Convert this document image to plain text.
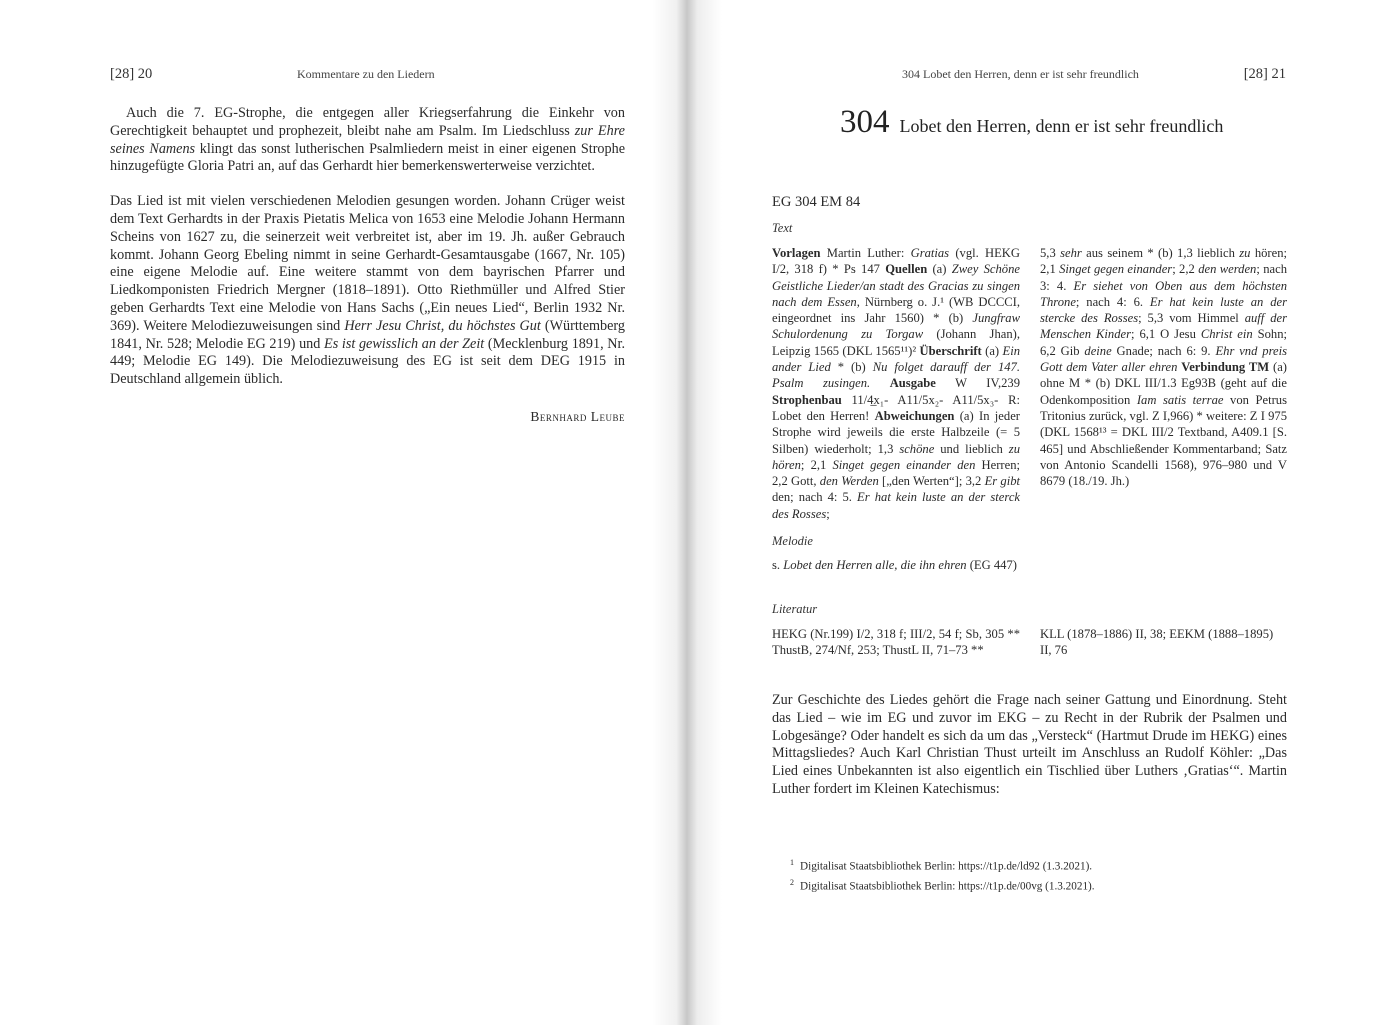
[28] 20	Kommentare zu den Liedern

Auch die 7. EG-Strophe, die entgegen aller Kriegserfahrung die Einkehr von Gerechtigkeit behauptet und prophezeit, bleibt nahe am Psalm. Im Liedschluss zur Ehre seines Namens klingt das sonst lutherischen Psalmliedern meist in einer eigenen Strophe hinzugefügte Gloria Patri an, auf das Gerhardt hier bemerkenswerterweise verzichtet.

Das Lied ist mit vielen verschiedenen Melodien gesungen worden. Johann Crüger weist dem Text Gerhardts in der Praxis Pietatis Melica von 1653 eine Melodie Johann Hermann Scheins von 1627 zu, die seinerzeit weit verbreitet ist, aber im 19. Jh. außer Gebrauch kommt. Johann Georg Ebeling nimmt in seine Gerhardt-Gesamtausgabe (1667, Nr. 105) eine eigene Melodie auf. Eine weitere stammt von dem bayrischen Pfarrer und Liedkomponisten Friedrich Mergner (1818–1891). Otto Riethmüller und Alfred Stier geben Gerhardts Text eine Melodie von Hans Sachs („Ein neues Lied“, Berlin 1932 Nr. 369). Weitere Melodiezuweisungen sind Herr Jesu Christ, du höchstes Gut (Württemberg 1841, Nr. 528; Melodie EG 219) und Es ist gewisslich an der Zeit (Mecklenburg 1891, Nr. 449; Melodie EG 149). Die Melodiezuweisung des EG ist seit dem DEG 1915 in Deutschland allgemein üblich.

Bernhard Leube
304 Lobet den Herren, denn er ist sehr freundlich	[28] 21
304 Lobet den Herren, denn er ist sehr freundlich
EG 304 EM 84
Text
Vorlagen Martin Luther: Gratias (vgl. HEKG I/2, 318 f) * Ps 147 Quellen (a) Zwey Schöne Geistliche Lieder/an stadt des Gracias zu singen nach dem Essen, Nürnberg o. J.¹ (WB DCCCI, eingeordnet ins Jahr 1560) * (b) Jungfraw Schulordenung zu Torgaw (Johann Jhan), Leipzig 1565 (DKL 1565¹¹)² Überschrift (a) Ein ander Lied * (b) Nu folget darauff der 147. Psalm zusingen. Ausgabe W IV,239 Strophenbau 11/4̲x₁- A11/5x₂- A11/5x₃- R: Lobet den Herren! Abweichungen (a) In jeder Strophe wird jeweils die erste Halbzeile (= 5 Silben) wiederholt; 1,3 schöne und lieblich zu hören; 2,1 Singet gegen einander den Herren; 2,2 Gott, den Werden [„den Werten“]; 3,2 Er gibt den; nach 4: 5. Er hat kein luste an der sterck des Rosses;
5,3 sehr aus seinem * (b) 1,3 lieblich zu hören; 2,1 Singet gegen einander; 2,2 den werden; nach 3: 4. Er siehet von Oben aus dem höchsten Throne; nach 4: 6. Er hat kein luste an der stercke des Rosses; 5,3 vom Himmel auff der Menschen Kinder; 6,1 O Jesu Christ ein Sohn; 6,2 Gib deine Gnade; nach 6: 9. Ehr vnd preis Gott dem Vater aller ehren Verbindung TM (a) ohne M * (b) DKL III/1.3 Eg93B (geht auf die Odenkomposition Iam satis terrae von Petrus Tritonius zurück, vgl. Z I,966) * weitere: Z I 975 (DKL 1568¹³ = DKL III/2 Textband, A409.1 [S. 465] und Abschließender Kommentarband; Satz von Antonio Scandelli 1568), 976–980 und V 8679 (18./19. Jh.)
Melodie
s. Lobet den Herren alle, die ihn ehren (EG 447)
Literatur
HEKG (Nr.199) I/2, 318 f; III/2, 54 f; Sb, 305 ** ThustB, 274/Nf, 253; ThustL II, 71–73 **
KLL (1878–1886) II, 38; EEKM (1888–1895) II, 76

Zur Geschichte des Liedes gehört die Frage nach seiner Gattung und Einordnung. Steht das Lied – wie im EG und zuvor im EKG – zu Recht in der Rubrik der Psalmen und Lobgesänge? Oder handelt es sich da um das „Versteck“ (Hartmut Drude im HEKG) eines Mittagsliedes? Auch Karl Christian Thust urteilt im Anschluss an Rudolf Köhler: „Das Lied eines Unbekannten ist also eigentlich ein Tischlied über Luthers ‚Gratias‘“. Martin Luther fordert im Kleinen Katechismus:

$^1$ Digitalisat Staatsbibliothek Berlin: https://t1p.de/ld92 (1.3.2021).
$^2$ Digitalisat Staatsbibliothek Berlin: https://t1p.de/00vg (1.3.2021).
